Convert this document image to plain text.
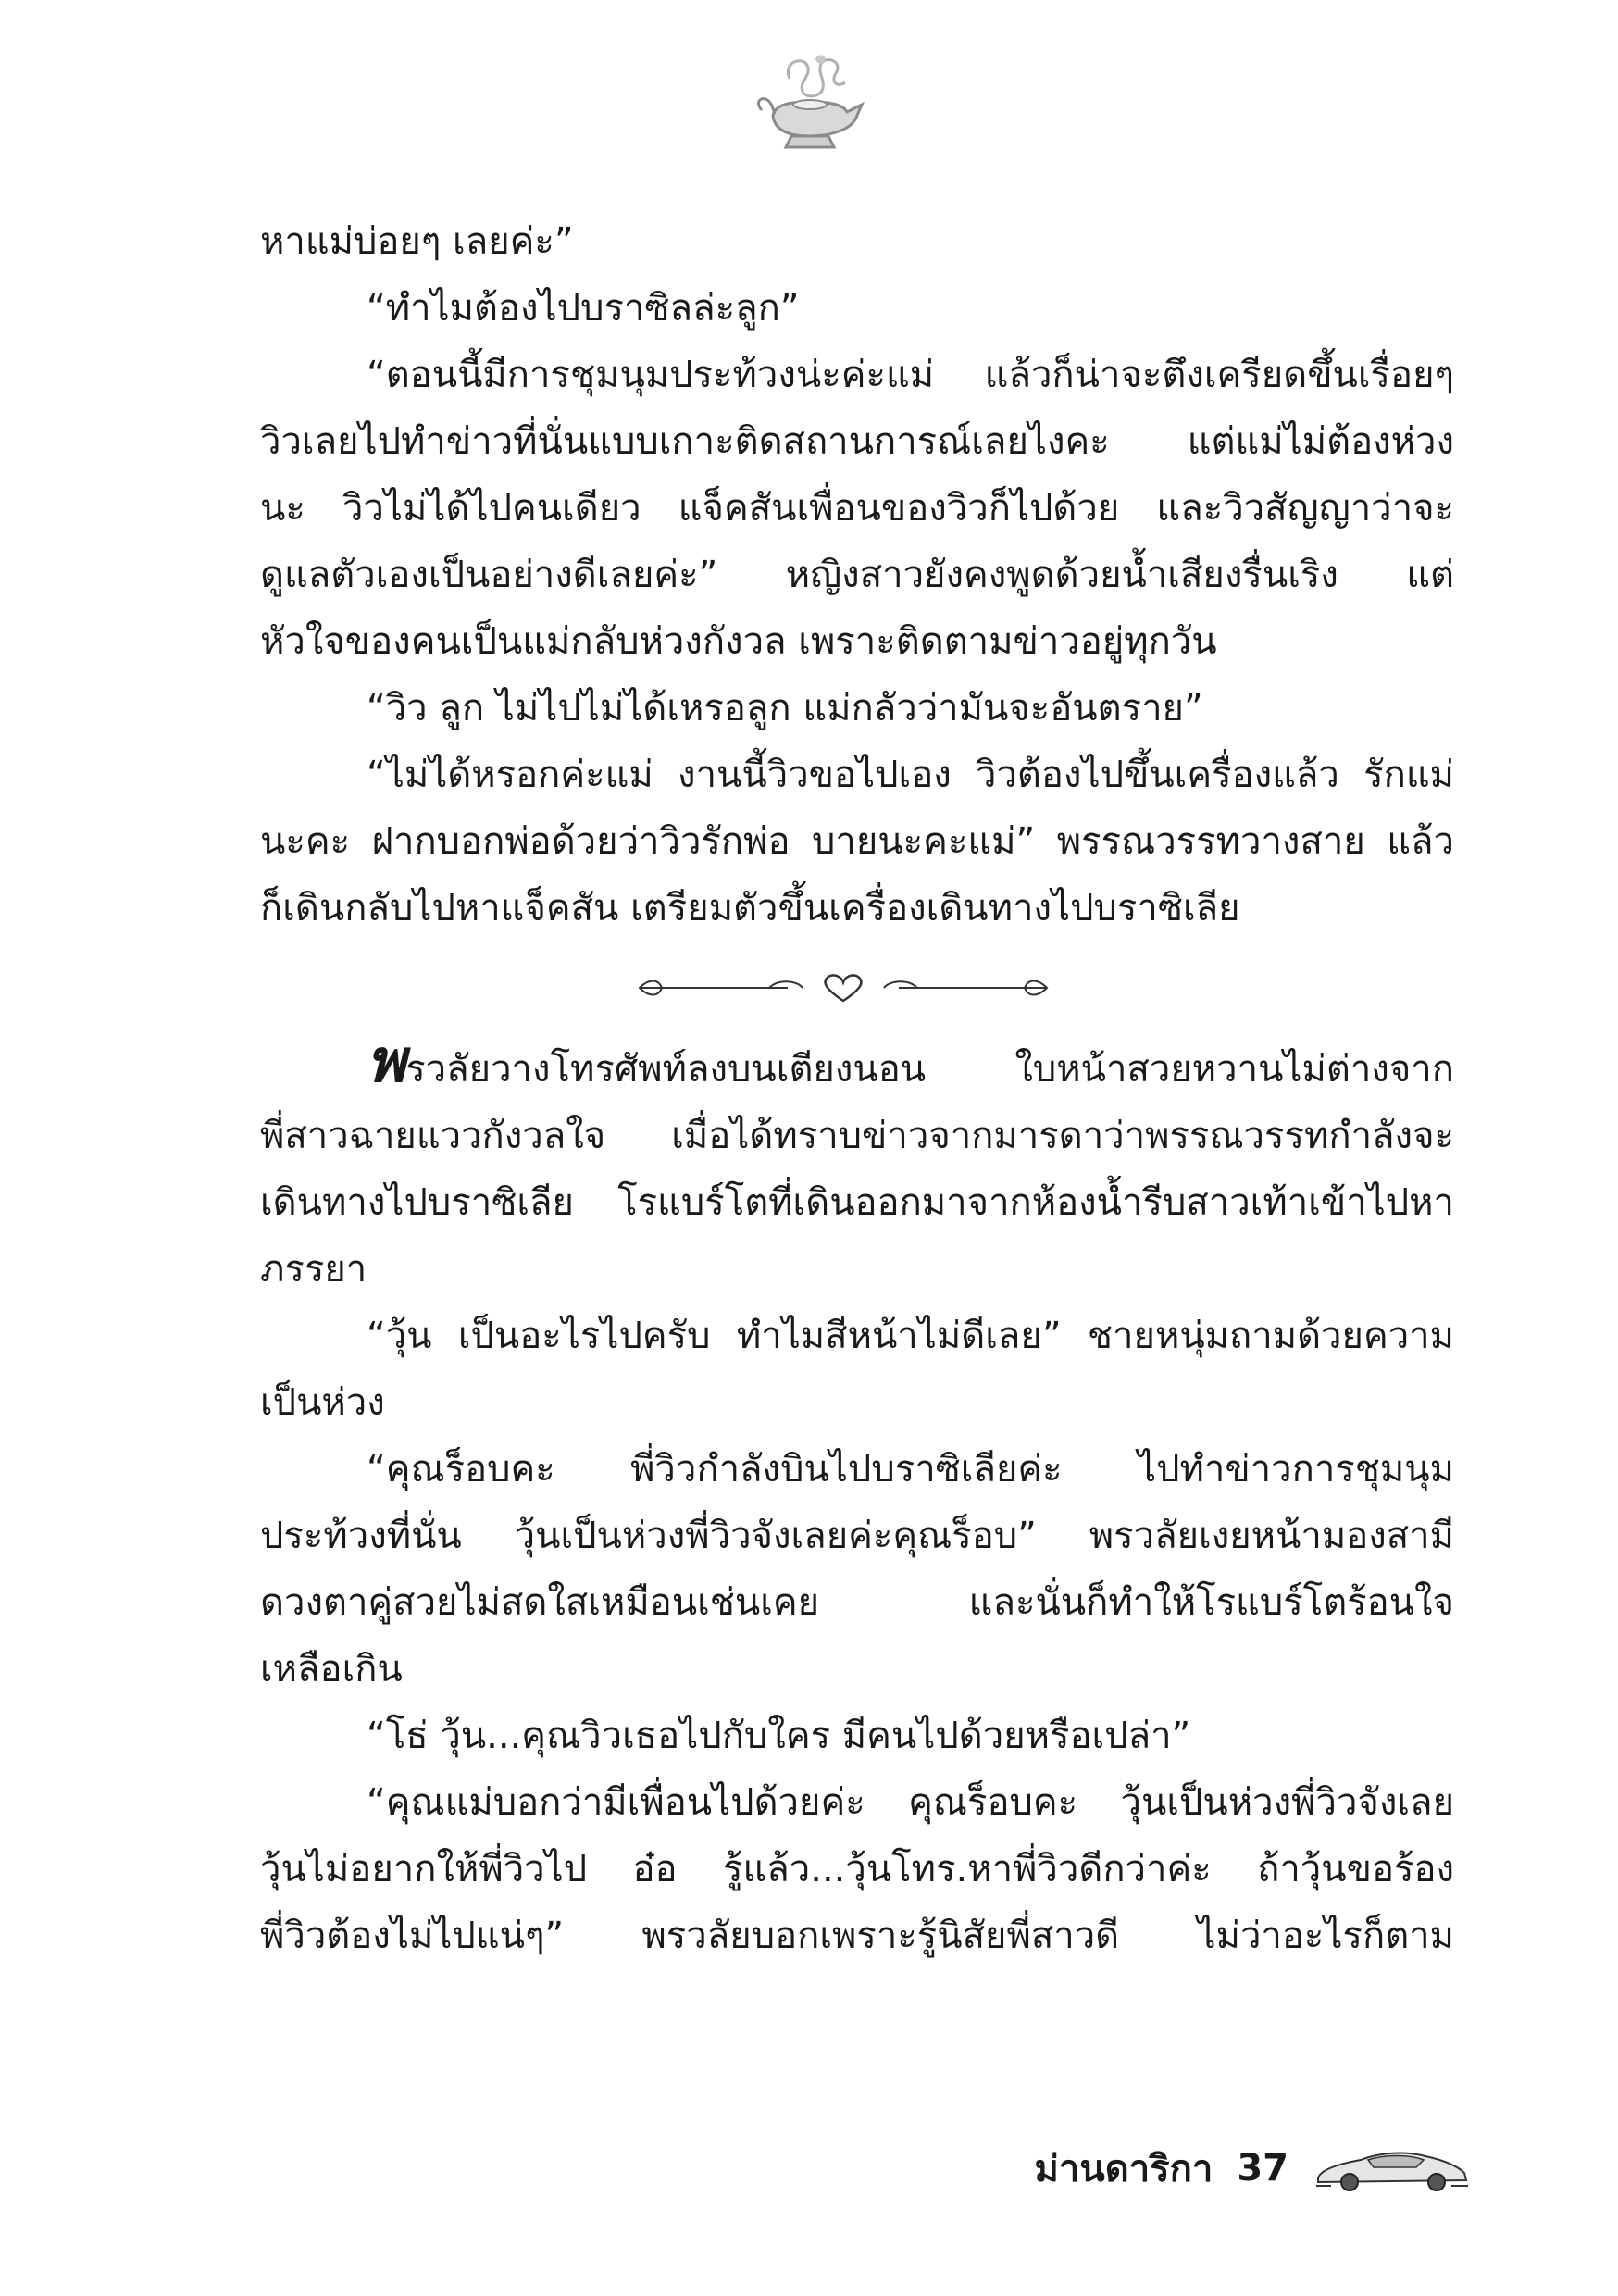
หาแม่บ่อยๆ เลยค่ะ”
“ทำไมต้องไปบราซิลล่ะลูก”
“ตอนนี้มีการชุมนุมประท้วงน่ะค่ะแม่ แล้วก็น่าจะตึงเครียดขึ้นเรื่อยๆ
วิวเลยไปทำข่าวที่นั่นแบบเกาะติดสถานการณ์เลยไงคะ แต่แม่ไม่ต้องห่วง
นะ วิวไม่ได้ไปคนเดียว แจ็คสันเพื่อนของวิวก็ไปด้วย และวิวสัญญาว่าจะ
ดูแลตัวเองเป็นอย่างดีเลยค่ะ” หญิงสาวยังคงพูดด้วยน้ำเสียงรื่นเริง แต่
หัวใจของคนเป็นแม่กลับห่วงกังวล เพราะติดตามข่าวอยู่ทุกวัน
“วิว ลูก ไม่ไปไม่ได้เหรอลูก แม่กลัวว่ามันจะอันตราย”
“ไม่ได้หรอกค่ะแม่ งานนี้วิวขอไปเอง วิวต้องไปขึ้นเครื่องแล้ว รักแม่
นะคะ ฝากบอกพ่อด้วยว่าวิวรักพ่อ บายนะคะแม่” พรรณวรรทวางสาย แล้ว
ก็เดินกลับไปหาแจ็คสัน เตรียมตัวขึ้นเครื่องเดินทางไปบราซิเลีย
พรวลัยวางโทรศัพท์ลงบนเตียงนอน ใบหน้าสวยหวานไม่ต่างจาก
พี่สาวฉายแววกังวลใจ เมื่อได้ทราบข่าวจากมารดาว่าพรรณวรรทกำลังจะ
เดินทางไปบราซิเลีย โรแบร์โตที่เดินออกมาจากห้องน้ำรีบสาวเท้าเข้าไปหา
ภรรยา
“วุ้น เป็นอะไรไปครับ ทำไมสีหน้าไม่ดีเลย” ชายหนุ่มถามด้วยความ
เป็นห่วง
“คุณร็อบคะ พี่วิวกำลังบินไปบราซิเลียค่ะ ไปทำข่าวการชุมนุม
ประท้วงที่นั่น วุ้นเป็นห่วงพี่วิวจังเลยค่ะคุณร็อบ” พรวลัยเงยหน้ามองสามี
ดวงตาคู่สวยไม่สดใสเหมือนเช่นเคย และนั่นก็ทำให้โรแบร์โตร้อนใจ
เหลือเกิน
“โธ่ วุ้น...คุณวิวเธอไปกับใคร มีคนไปด้วยหรือเปล่า”
“คุณแม่บอกว่ามีเพื่อนไปด้วยค่ะ คุณร็อบคะ วุ้นเป็นห่วงพี่วิวจังเลย
วุ้นไม่อยากให้พี่วิวไป อ๋อ รู้แล้ว...วุ้นโทร.หาพี่วิวดีกว่าค่ะ ถ้าวุ้นขอร้อง
พี่วิวต้องไม่ไปแน่ๆ” พรวลัยบอกเพราะรู้นิสัยพี่สาวดี ไม่ว่าอะไรก็ตาม
ม่านดาริกา 37
